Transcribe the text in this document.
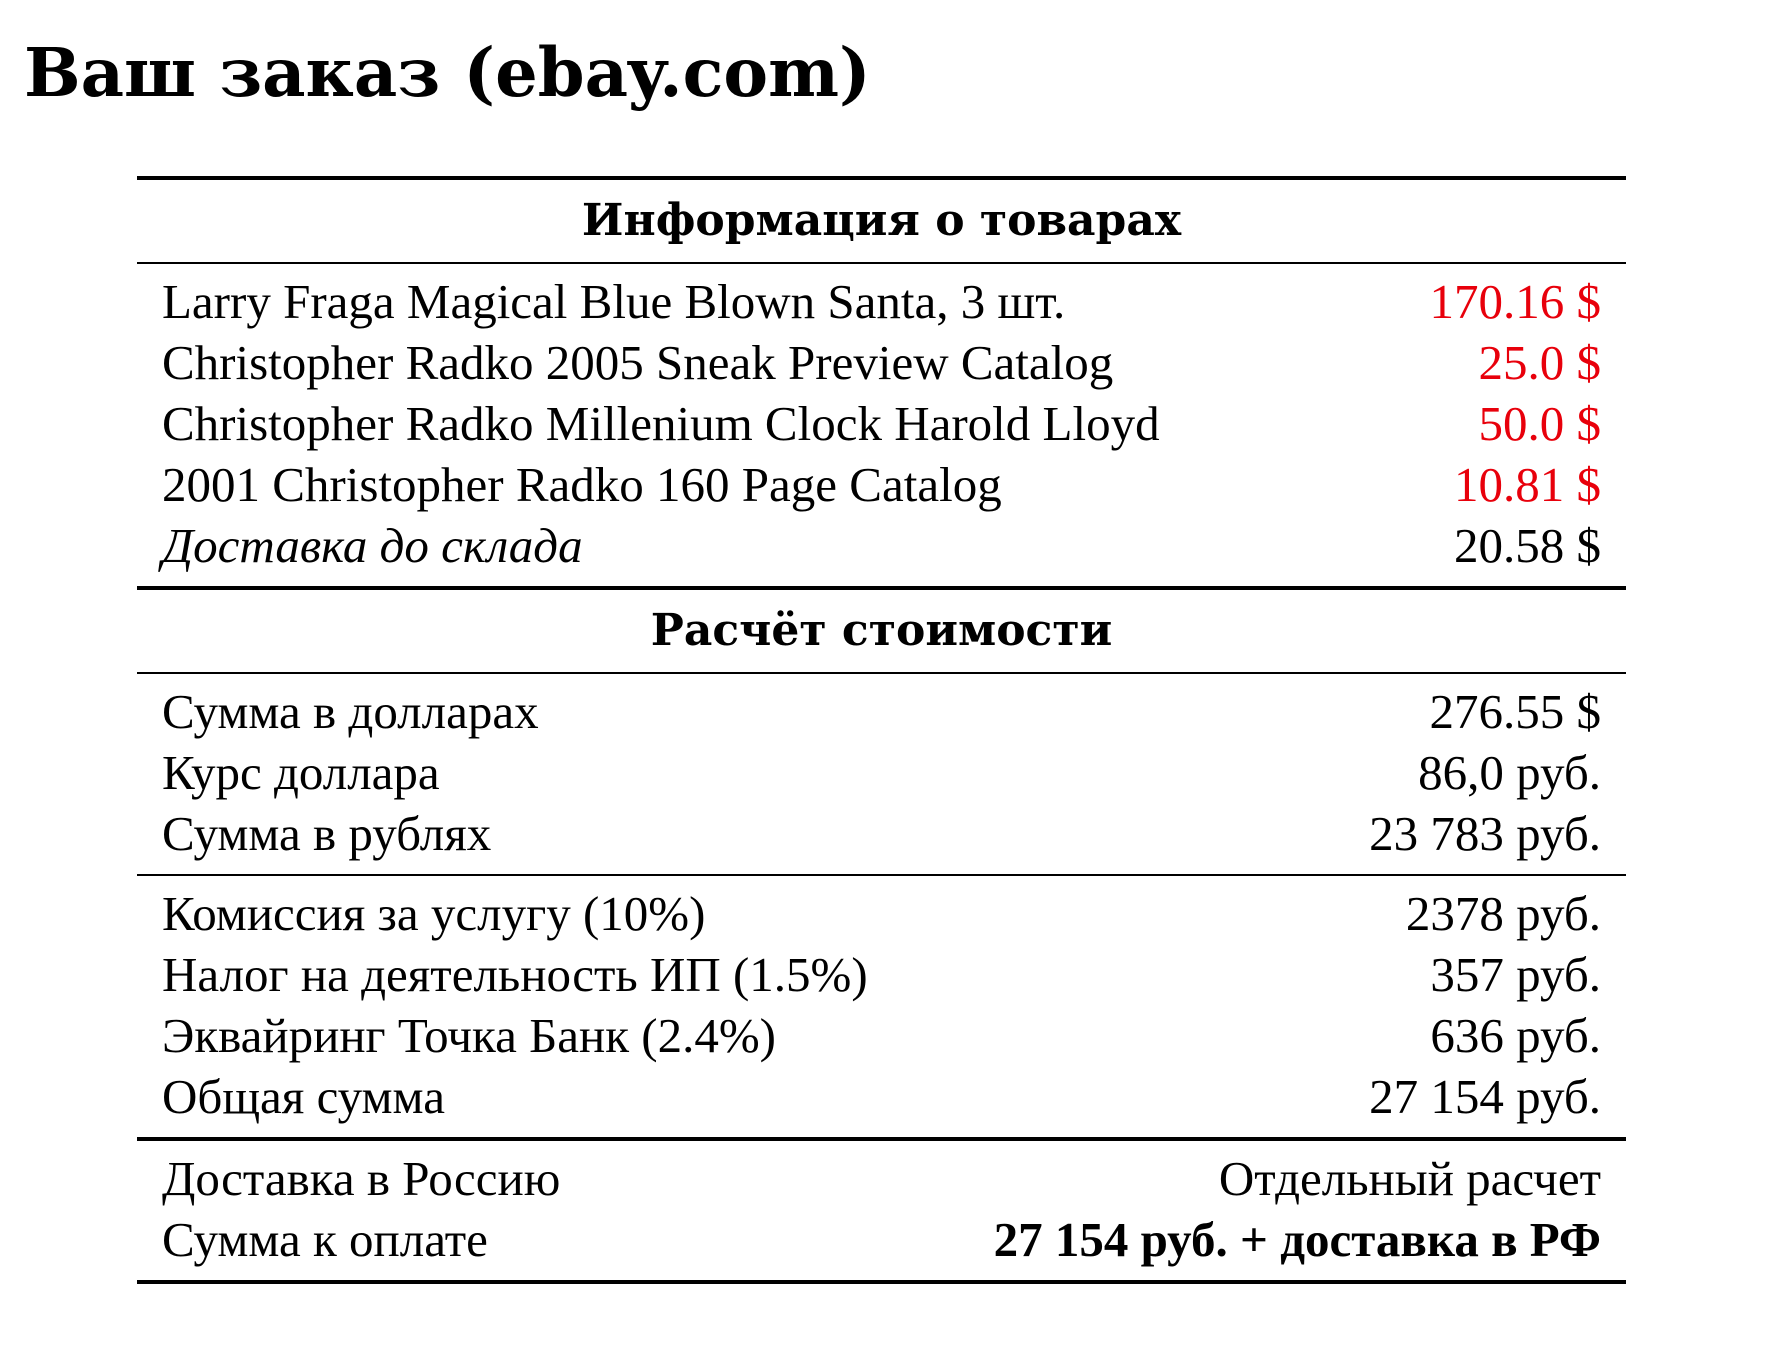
Ваш заказ (ebay.com)
Информация о товарах
Larry Fraga Magical Blue Blown Santa, 3 шт.	170.16 $
Christopher Radko 2005 Sneak Preview Catalog	25.0 $
Christopher Radko Millenium Clock Harold Lloyd	50.0 $
2001 Christopher Radko 160 Page Catalog	10.81 $
Доставка до склада	20.58 $
Расчёт стоимости
Сумма в долларах	276.55 $
Курс доллара	86,0 руб.
Сумма в рублях	23 783 руб.
Комиссия за услугу (10%)	2378 руб.
Налог на деятельность ИП (1.5%)	357 руб.
Эквайринг Точка Банк (2.4%)	636 руб.
Общая сумма	27 154 руб.
Доставка в Россию	Отдельный расчет
Сумма к оплате	27 154 руб. + доставка в РФ
